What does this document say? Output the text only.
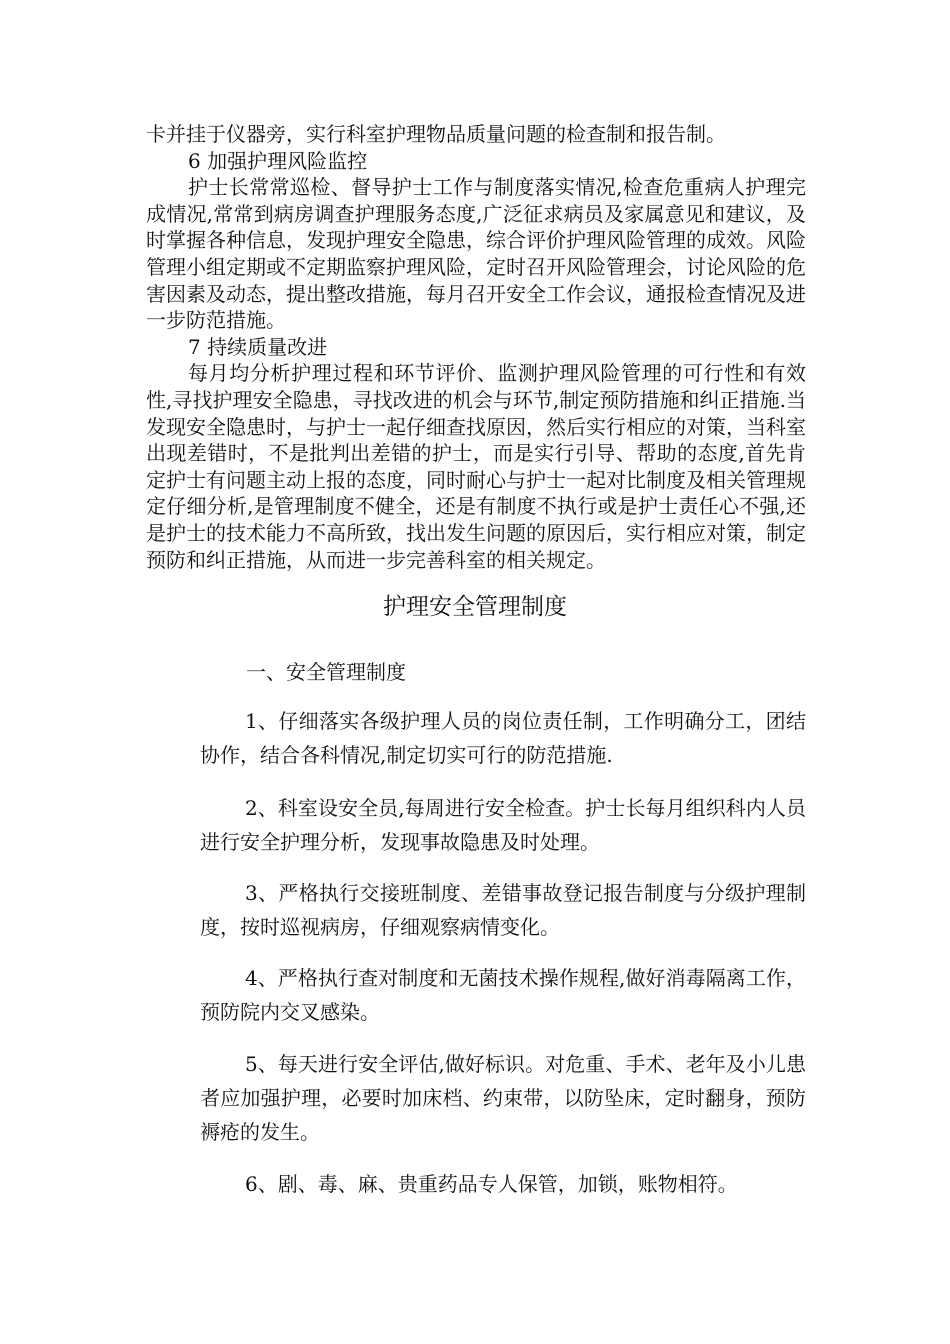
卡并挂于仪器旁，实行科室护理物品质量问题的检查制和报告制。

6 加强护理风险监控

护士长常常巡检、督导护士工作与制度落实情况,检查危重病人护理完成情况,常常到病房调查护理服务态度,广泛征求病员及家属意见和建议，及时掌握各种信息，发现护理安全隐患，综合评价护理风险管理的成效。风险管理小组定期或不定期监察护理风险，定时召开风险管理会，讨论风险的危害因素及动态，提出整改措施，每月召开安全工作会议，通报检查情况及进一步防范措施。

7 持续质量改进

每月均分析护理过程和环节评价、监测护理风险管理的可行性和有效性,寻找护理安全隐患，寻找改进的机会与环节,制定预防措施和纠正措施.当发现安全隐患时，与护士一起仔细查找原因，然后实行相应的对策，当科室出现差错时，不是批判出差错的护士，而是实行引导、帮助的态度,首先肯定护士有问题主动上报的态度，同时耐心与护士一起对比制度及相关管理规定仔细分析,是管理制度不健全，还是有制度不执行或是护士责任心不强,还是护士的技术能力不高所致，找出发生问题的原因后，实行相应对策，制定预防和纠正措施，从而进一步完善科室的相关规定。

护理安全管理制度

一、安全管理制度

1、仔细落实各级护理人员的岗位责任制，工作明确分工，团结协作，结合各科情况,制定切实可行的防范措施.

2、科室设安全员,每周进行安全检查。护士长每月组织科内人员进行安全护理分析，发现事故隐患及时处理。

3、严格执行交接班制度、差错事故登记报告制度与分级护理制度，按时巡视病房，仔细观察病情变化。

4、严格执行查对制度和无菌技术操作规程,做好消毒隔离工作，预防院内交叉感染。

5、每天进行安全评估,做好标识。对危重、手术、老年及小儿患者应加强护理，必要时加床档、约束带，以防坠床，定时翻身，预防褥疮的发生。

6、剧、毒、麻、贵重药品专人保管，加锁，账物相符。
